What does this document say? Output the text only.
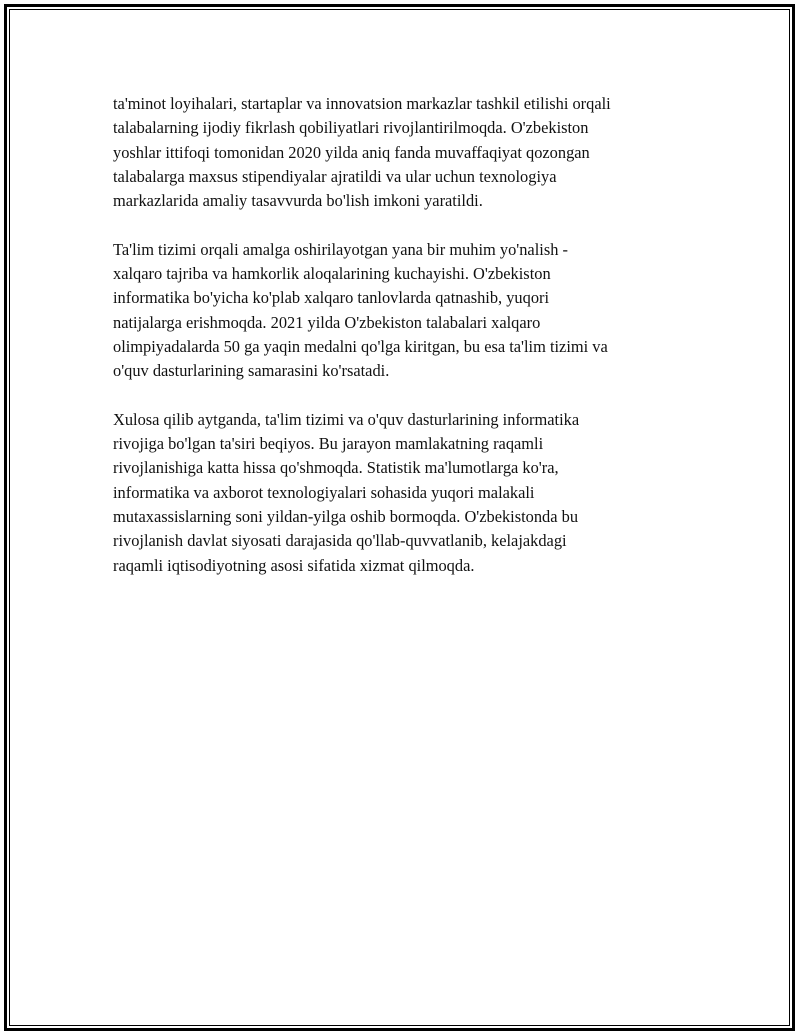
ta'minot loyihalari, startaplar va innovatsion markazlar tashkil etilishi orqali
talabalarning ijodiy fikrlash qobiliyatlari rivojlantirilmoqda. O'zbekiston
yoshlar ittifoqi tomonidan 2020 yilda aniq fanda muvaffaqiyat qozongan
talabalarga maxsus stipendiyalar ajratildi va ular uchun texnologiya
markazlarida amaliy tasavvurda bo'lish imkoni yaratildi.

Ta'lim tizimi orqali amalga oshirilayotgan yana bir muhim yo'nalish -
xalqaro tajriba va hamkorlik aloqalarining kuchayishi. O'zbekiston
informatika bo'yicha ko'plab xalqaro tanlovlarda qatnashib, yuqori
natijalarga erishmoqda. 2021 yilda O'zbekiston talabalari xalqaro
olimpiyadalarda 50 ga yaqin medalni qo'lga kiritgan, bu esa ta'lim tizimi va
o'quv dasturlarining samarasini ko'rsatadi.

Xulosa qilib aytganda, ta'lim tizimi va o'quv dasturlarining informatika
rivojiga bo'lgan ta'siri beqiyos. Bu jarayon mamlakatning raqamli
rivojlanishiga katta hissa qo'shmoqda. Statistik ma'lumotlarga ko'ra,
informatika va axborot texnologiyalari sohasida yuqori malakali
mutaxassislarning soni yildan-yilga oshib bormoqda. O'zbekistonda bu
rivojlanish davlat siyosati darajasida qo'llab-quvvatlanib, kelajakdagi
raqamli iqtisodiyotning asosi sifatida xizmat qilmoqda.
